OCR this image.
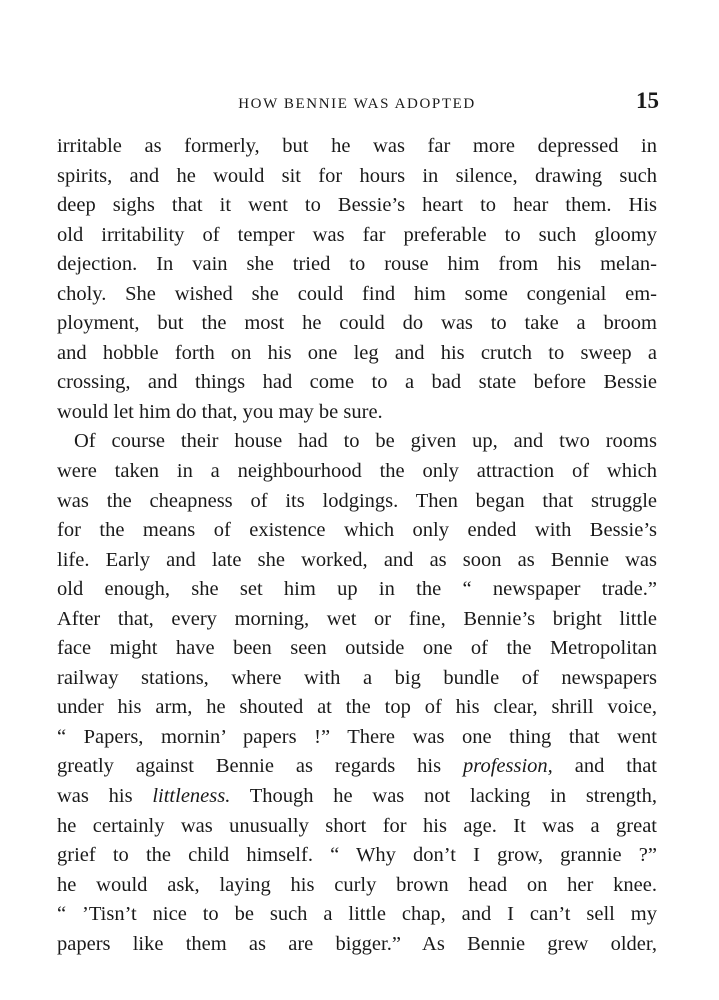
HOW BENNIE WAS ADOPTED	15
irritable as formerly, but he was far more depressed in
spirits, and he would sit for hours in silence, drawing such
deep sighs that it went to Bessie’s heart to hear them. His
old irritability of temper was far preferable to such gloomy
dejection. In vain she tried to rouse him from his melan-
choly. She wished she could find him some congenial em-
ployment, but the most he could do was to take a broom
and hobble forth on his one leg and his crutch to sweep a
crossing, and things had come to a bad state before Bessie
would let him do that, you may be sure.
Of course their house had to be given up, and two rooms
were taken in a neighbourhood the only attraction of which
was the cheapness of its lodgings. Then began that struggle
for the means of existence which only ended with Bessie’s
life. Early and late she worked, and as soon as Bennie was
old enough, she set him up in the “ newspaper trade.”
After that, every morning, wet or fine, Bennie’s bright little
face might have been seen outside one of the Metropolitan
railway stations, where with a big bundle of newspapers
under his arm, he shouted at the top of his clear, shrill voice,
“ Papers, mornin’ papers !” There was one thing that went
greatly against Bennie as regards his profession, and that
was his littleness. Though he was not lacking in strength,
he certainly was unusually short for his age. It was a great
grief to the child himself. “ Why don’t I grow, grannie ?”
he would ask, laying his curly brown head on her knee.
“ ’Tisn’t nice to be such a little chap, and I can’t sell my
papers like them as are bigger.” As Bennie grew older,
